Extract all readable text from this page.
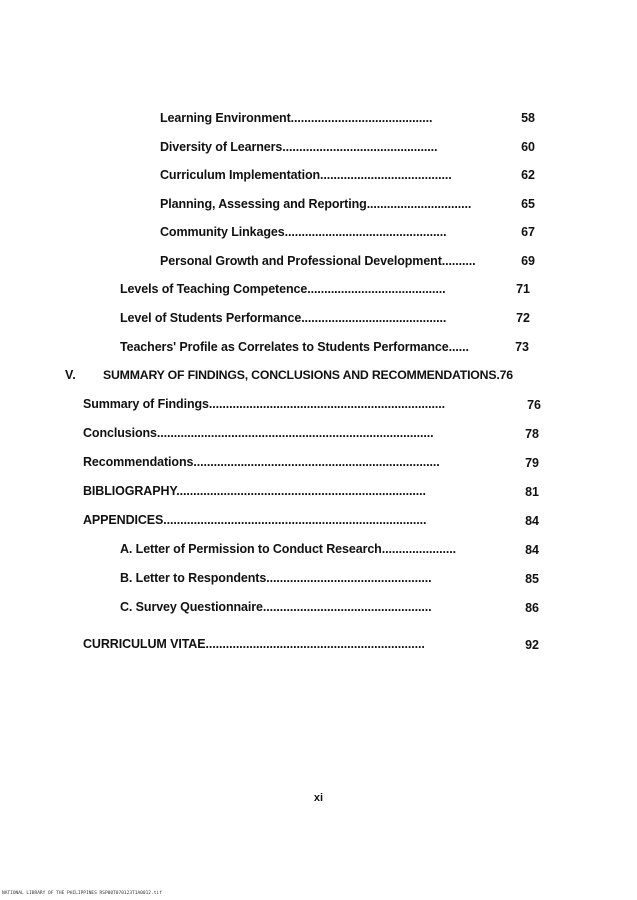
Learning Environment..........................................	58
Diversity of Learners..............................................	60
Curriculum Implementation.......................................	62
Planning, Assessing and Reporting...............................	65
Community Linkages................................................	67
Personal Growth and Professional Development..........	69
Levels of Teaching Competence.........................................	71
Level of Students Performance...........................................	72
Teachers' Profile as Correlates to Students Performance......	73
V. SUMMARY OF FINDINGS, CONCLUSIONS AND RECOMMENDATIONS.76
Summary of Findings......................................................................	76
Conclusions..................................................................................	78
Recommendations.........................................................................	79
BIBLIOGRAPHY..........................................................................	81
APPENDICES..............................................................................	84
A. Letter of Permission to Conduct Research......................	84
B. Letter to Respondents.................................................	85
C. Survey Questionnaire..................................................	86
CURRICULUM VITAE.................................................................	92
xi
NATIONAL LIBRARY OF THE PHILIPPINES RSP00T070123T1A0012.tif
